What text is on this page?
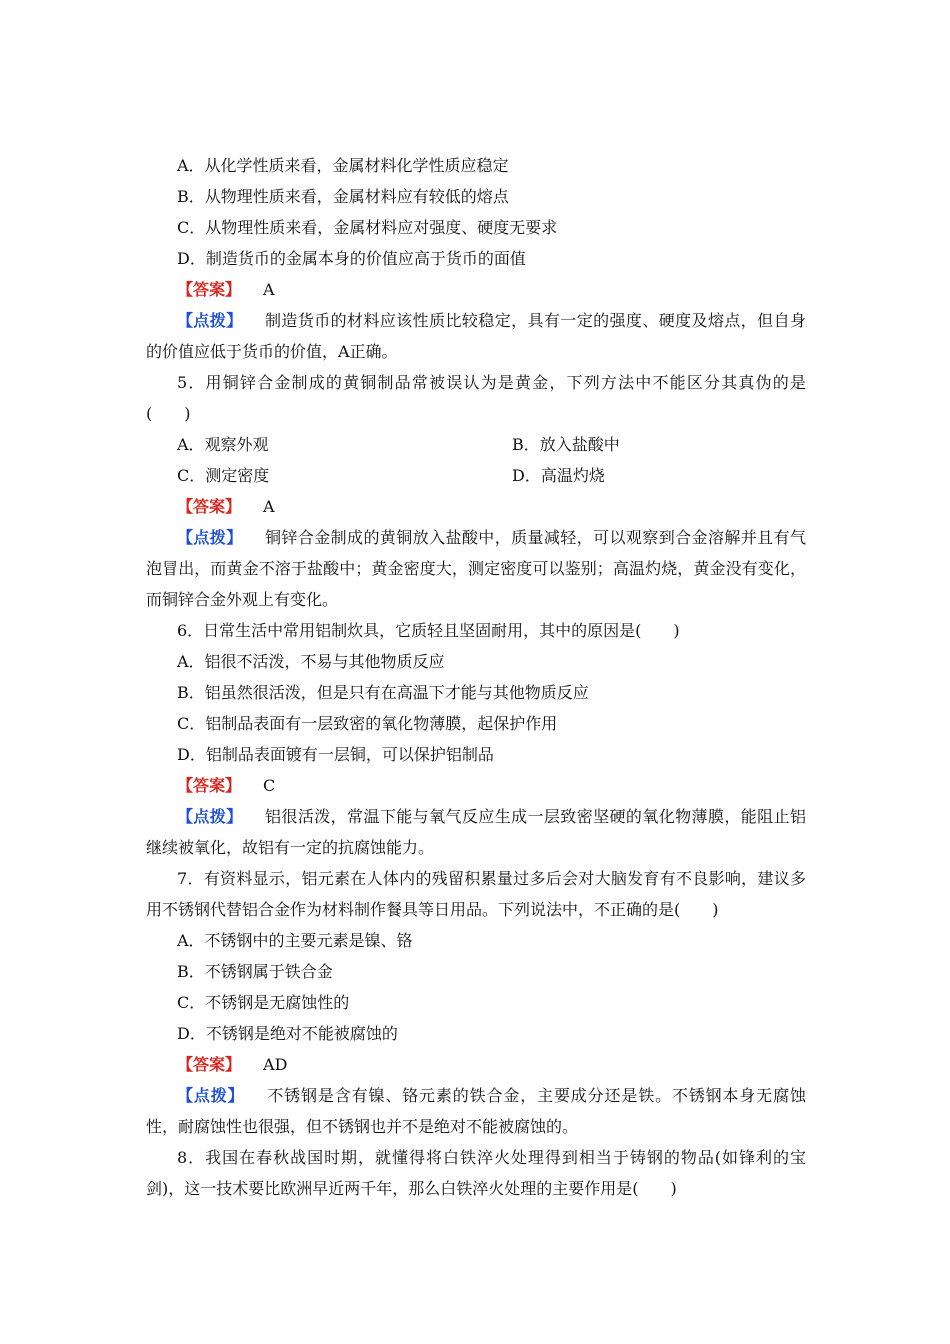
A．从化学性质来看，金属材料化学性质应稳定
B．从物理性质来看，金属材料应有较低的熔点
C．从物理性质来看，金属材料应对强度、硬度无要求
D．制造货币的金属本身的价值应高于货币的面值
【答案】 A
【点拨】 制造货币的材料应该性质比较稳定，具有一定的强度、硬度及熔点，但自身的价值应低于货币的价值，A正确。
5．用铜锌合金制成的黄铜制品常被误认为是黄金，下列方法中不能区分其真伪的是(　　)
A．观察外观	B．放入盐酸中
C．测定密度	D．高温灼烧
【答案】 A
【点拨】 铜锌合金制成的黄铜放入盐酸中，质量减轻，可以观察到合金溶解并且有气泡冒出，而黄金不溶于盐酸中；黄金密度大，测定密度可以鉴别；高温灼烧，黄金没有变化，而铜锌合金外观上有变化。
6．日常生活中常用铝制炊具，它质轻且坚固耐用，其中的原因是(　　)
A．铝很不活泼，不易与其他物质反应
B．铝虽然很活泼，但是只有在高温下才能与其他物质反应
C．铝制品表面有一层致密的氧化物薄膜，起保护作用
D．铝制品表面镀有一层铜，可以保护铝制品
【答案】 C
【点拨】 铝很活泼，常温下能与氧气反应生成一层致密坚硬的氧化物薄膜，能阻止铝继续被氧化，故铝有一定的抗腐蚀能力。
7．有资料显示，铝元素在人体内的残留积累量过多后会对大脑发育有不良影响，建议多用不锈钢代替铝合金作为材料制作餐具等日用品。下列说法中，不正确的是(　　)
A．不锈钢中的主要元素是镍、铬
B．不锈钢属于铁合金
C．不锈钢是无腐蚀性的
D．不锈钢是绝对不能被腐蚀的
【答案】 AD
【点拨】 不锈钢是含有镍、铬元素的铁合金，主要成分还是铁。不锈钢本身无腐蚀性，耐腐蚀性也很强，但不锈钢也并不是绝对不能被腐蚀的。
8．我国在春秋战国时期，就懂得将白铁淬火处理得到相当于铸钢的物品(如锋利的宝剑)，这一技术要比欧洲早近两千年，那么白铁淬火处理的主要作用是(　　)
